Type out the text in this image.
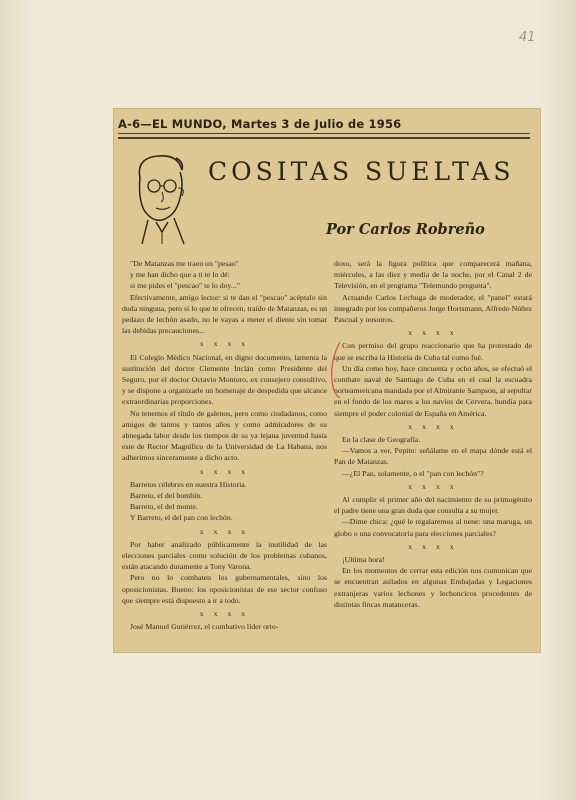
41
A-6—EL MUNDO, Martes 3 de Julio de 1956
COSITAS SUELTAS
Por Carlos Robreño

"De Matanzas me traen un "pesao"

y me han dicho que a ti te lo dé:

si me pides el "pescao" te lo doy..."

Efectivamente, amigo lector: si te dan el "pescao" acéptalo sin duda ninguna, pero si lo que te ofrecen, traído de Matanzas, es un pedazo de lechón asado, no le vayas a meter el diente sin tomar las debidas precauciones...

x x x x

El Colegio Médico Nacional, en digno documento, lamenta la sustitución del doctor Clemente Inclán como Presidente del Seguro, por el doctor Octavio Montoro, ex consejero consultivo, y se dispone a organizarle un homenaje de despedida que alcance extraordinarias proporciones.

No tenemos el título de galenos, pero como ciudadanos, como amigos de tantos y tantos años y como admiradores de su abnegada labor desde los tiempos de su ya lejana juventud hasta este de Rector Magnífico de la Universidad de La Habana, nos adherimos sinceramente a dicho acto.

x x x x

Barretos célebres en nuestra Historia.

Barreto, el del bombín.

Barreto, el del monte.

Y Barreto, el del pan con lechón.

x x x x

Por haber analizado públicamente la inutilidad de las elecciones parciales como solución de los problemas cubanos, están atacando duramente a Tony Varona.

Pero no lo combaten los gubernamentales, sino los oposicionistas. Bueno: los oposicionistas de ese sector confuso que siempre está dispuesto a ir a todo.

x x x x

José Manuel Gutiérrez, el combativo líder orto-

doxo, será la figura política que comparecerá mañana, miércoles, a las diez y media de la noche, por el Canal 2 de Televisión, en el programa "Telemundo pregunta".

Actuando Carlos Lechuga de moderador, el "panel" estará integrado por los compañeros Jorge Hortsmann, Alfredo Núñez Pascual y nosotros.

x x x x

Con permiso del grupo reaccionario que ha protestado de que se escriba la Historia de Cuba tal como fué.

Un día como hoy, hace cincuenta y ocho años, se efectuó el combate naval de Santiago de Cuba en el cual la escuadra norteamericana mandada por el Almirante Sampson, al sepultar en el fondo de los mares a los navíos de Cervera, hundía para siempre el poder colonial de España en América.

x x x x

En la clase de Geografía.

—Vamos a ver, Pepito: señálame en el mapa dónde está el Pan de Matanzas.

—¿El Pan, solamente, o el "pan con lechón"?

x x x x

Al cumplir el primer año del nacimiento de su primogénito el padre tiene una gran duda que consulta a su mujer.

—Dime chica: ¿qué le regalaremos al nene: una maruga, un globo o una convocatoria para elecciones parciales?

x x x x

¡Ultima hora!

En los momentos de cerrar esta edición nos comunican que se encuentran asilados en algunas Embajadas y Legaciones extranjeras varios lechones y lechoncicos procedentes de distintas fincas matanceras.
